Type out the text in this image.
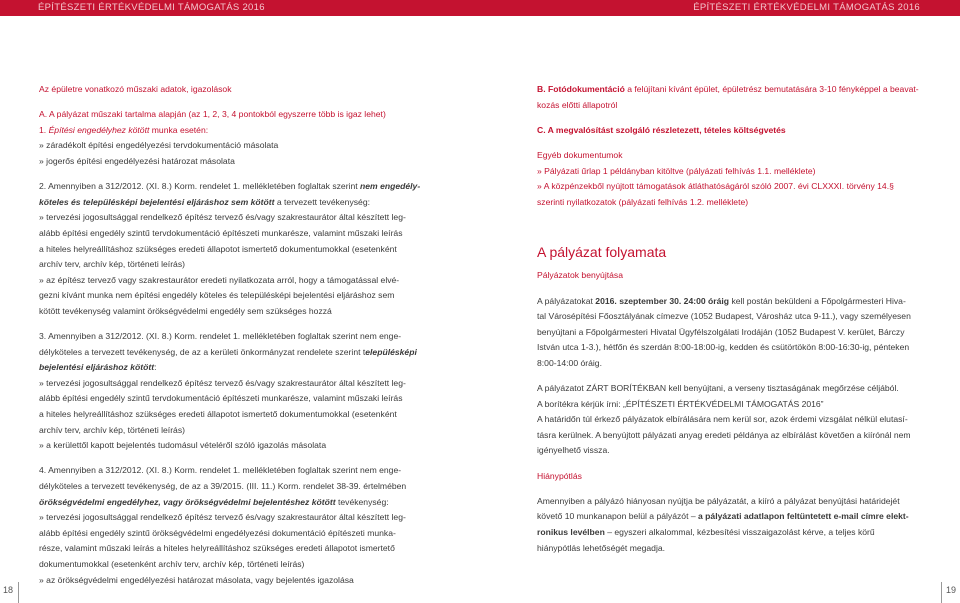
ÉPÍTÉSZETI ÉRTÉKVÉDELMI TÁMOGATÁS 2016	ÉPÍTÉSZETI ÉRTÉKVÉDELMI TÁMOGATÁS 2016

Az épületre vonatkozó műszaki adatok, igazolások

A. A pályázat műszaki tartalma alapján (az 1, 2, 3, 4 pontokból egyszerre több is igaz lehet)

1. Építési engedélyhez kötött munka esetén:

» záradékolt építési engedélyezési tervdokumentáció másolata

» jogerős építési engedélyezési határozat másolata

2. Amennyiben a 312/2012. (XI. 8.) Korm. rendelet 1. mellékletében foglaltak szerint nem engedély-

köteles és településképi bejelentési eljáráshoz sem kötött a tervezett tevékenység:

» tervezési jogosultsággal rendelkező építész tervező és/vagy szakrestaurátor által készített leg-

alább építési engedély szintű tervdokumentáció építészeti munkarésze, valamint műszaki leírás

a hiteles helyreállításhoz szükséges eredeti állapotot ismertető dokumentumokkal (esetenként

archív terv, archív kép, történeti leírás)

» az építész tervező vagy szakrestaurátor eredeti nyilatkozata arról, hogy a támogatással elvé-

gezni kívánt munka nem építési engedély köteles és településképi bejelentési eljáráshoz sem

kötött tevékenység valamint örökségvédelmi engedély sem szükséges hozzá

3. Amennyiben a 312/2012. (XI. 8.) Korm. rendelet 1. mellékletében foglaltak szerint nem enge-

délyköteles a tervezett tevékenység, de az a kerületi önkormányzat rendelete szerint településképi

bejelentési eljáráshoz kötött:

» tervezési jogosultsággal rendelkező építész tervező és/vagy szakrestaurátor által készített leg-

alább építési engedély szintű tervdokumentáció építészeti munkarésze, valamint műszaki leírás

a hiteles helyreállításhoz szükséges eredeti állapotot ismertető dokumentumokkal (esetenként

archív terv, archív kép, történeti leírás)

» a kerülettől kapott bejelentés tudomásul vételéről szóló igazolás másolata

4. Amennyiben a 312/2012. (XI. 8.) Korm. rendelet 1. mellékletében foglaltak szerint nem enge-

délyköteles a tervezett tevékenység, de az a 39/2015. (III. 11.) Korm. rendelet 38-39. értelmében

örökségvédelmi engedélyhez, vagy örökségvédelmi bejelentéshez kötött tevékenység:

» tervezési jogosultsággal rendelkező építész tervező és/vagy szakrestaurátor által készített leg-

alább építési engedély szintű örökségvédelmi engedélyezési dokumentáció építészeti munka-

része, valamint műszaki leírás a hiteles helyreállításhoz szükséges eredeti állapotot ismertető

dokumentumokkal (esetenként archív terv, archív kép, történeti leírás)

» az örökségvédelmi engedélyezési határozat másolata, vagy bejelentés igazolása

B. Fotódokumentáció a felújítani kívánt épület, épületrész bemutatására 3-10 fényképpel a beavat-

kozás előtti állapotról

C. A megvalósítást szolgáló részletezett, tételes költségvetés

Egyéb dokumentumok

» Pályázati űrlap 1 példányban kitöltve (pályázati felhívás 1.1. melléklete)

» A közpénzekből nyújtott támogatások átláthatóságáról szóló 2007. évi CLXXXI. törvény 14.§

szerinti nyilatkozatok (pályázati felhívás 1.2. melléklete)

A pályázat folyamata

Pályázatok benyújtása

A pályázatokat 2016. szeptember 30. 24:00 óráig kell postán beküldeni a Főpolgármesteri Hiva-

tal Városépítési Főosztályának címezve (1052 Budapest, Városház utca 9-11.), vagy személyesen

benyújtani a Főpolgármesteri Hivatal Ügyfélszolgálati Irodáján (1052 Budapest V. kerület, Bárczy

István utca 1-3.), hétfőn és szerdán 8:00-18:00-ig, kedden és csütörtökön 8:00-16:30-ig, pénteken

8:00-14:00 óráig.

A pályázatot ZÁRT BORÍTÉKBAN kell benyújtani, a verseny tisztaságának megőrzése céljából.

A borítékra kérjük írni: „ÉPÍTÉSZETI ÉRTÉKVÉDELMI TÁMOGATÁS 2016”

A határidőn túl érkező pályázatok elbírálására nem kerül sor, azok érdemi vizsgálat nélkül elutasí-

tásra kerülnek. A benyújtott pályázati anyag eredeti példánya az elbírálást követően a kiírónál nem

igényelhető vissza.

Hiánypótlás

Amennyiben a pályázó hiányosan nyújtja be pályázatát, a kiíró a pályázat benyújtási határidejét

követő 10 munkanapon belül a pályázót – a pályázati adatlapon feltüntetett e-mail címre elekt-

ronikus levélben – egyszeri alkalommal, kézbesítési visszaigazolást kérve, a teljes körű

hiánypótlás lehetőségét megadja.

18	19
